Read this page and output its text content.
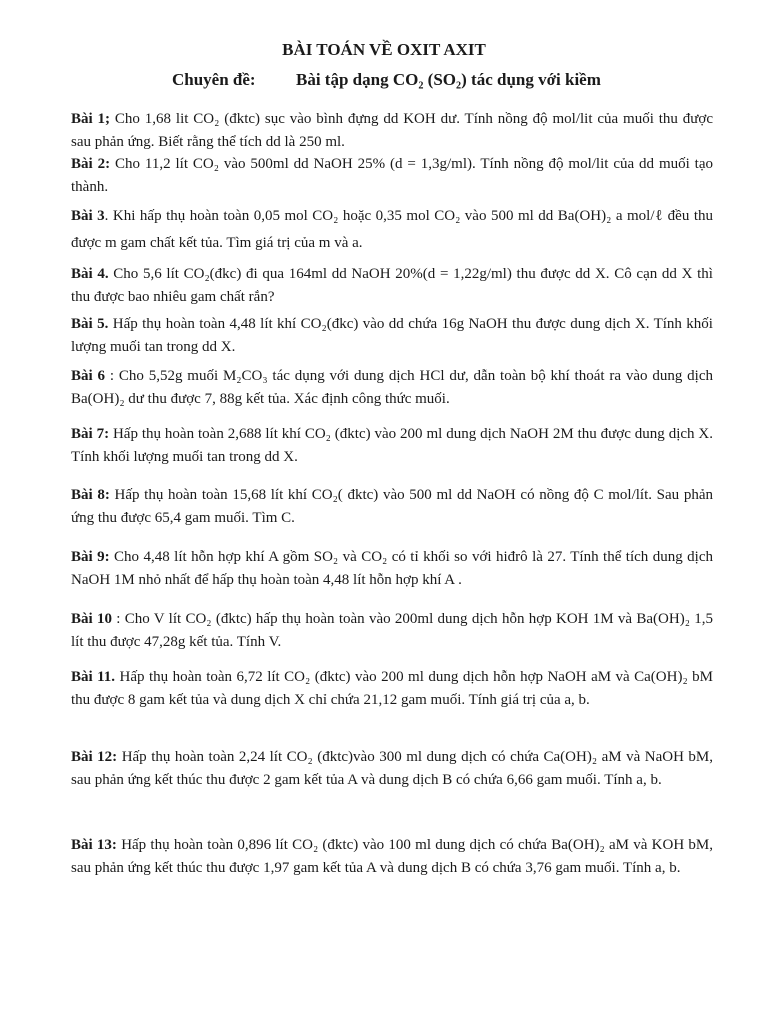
BÀI TOÁN VỀ OXIT AXIT
Chuyên đề: Bài tập dạng CO₂ (SO₂) tác dụng với kiềm

Bài 1; Cho 1,68 lit CO₂ (đktc) sục vào bình đựng dd KOH dư. Tính nồng độ mol/lit của muối thu được sau phản ứng. Biết rằng thể tích dd là 250 ml.

Bài 2: Cho 11,2 lít CO₂ vào 500ml dd NaOH 25% (d = 1,3g/ml). Tính nồng độ mol/lit của dd muối tạo thành.

Bài 3. Khi hấp thụ hoàn toàn 0,05 mol CO₂ hoặc 0,35 mol CO₂ vào 500 ml dd Ba(OH)₂ a mol/ℓ đều thu được m gam chất kết tủa. Tìm giá trị của m và a.

Bài 4. Cho 5,6 lít CO₂(đkc) đi qua 164ml dd NaOH 20%(d = 1,22g/ml) thu được dd X. Cô cạn dd X thì thu được bao nhiêu gam chất rắn?

Bài 5. Hấp thụ hoàn toàn 4,48 lít khí CO₂(đkc) vào dd chứa 16g NaOH thu được dung dịch X. Tính khối lượng muối tan trong dd X.

Bài 6 : Cho 5,52g muối M₂CO₃ tác dụng với dung dịch HCl dư, dẫn toàn bộ khí thoát ra vào dung dịch Ba(OH)₂ dư thu được 7, 88g kết tủa. Xác định công thức muối.

Bài 7: Hấp thụ hoàn toàn 2,688 lít khí CO₂ (đktc) vào 200 ml dung dịch NaOH 2M thu được dung dịch X. Tính khối lượng muối tan trong dd X.

Bài 8: Hấp thụ hoàn toàn 15,68 lít khí CO₂( đktc) vào 500 ml dd NaOH có nồng độ C mol/lít. Sau phản ứng thu được 65,4 gam muối. Tìm C.

Bài 9: Cho 4,48 lít hỗn hợp khí A gồm SO₂ và CO₂ có tỉ khối so với hiđrô là 27. Tính thể tích dung dịch NaOH 1M nhỏ nhất để hấp thụ hoàn toàn 4,48 lít hỗn hợp khí A .

Bài 10 : Cho V lít CO₂ (đktc) hấp thụ hoàn toàn vào 200ml dung dịch hỗn hợp KOH 1M và Ba(OH)₂ 1,5 lít thu được 47,28g kết tủa. Tính V.

Bài 11. Hấp thụ hoàn toàn 6,72 lít CO₂ (đktc) vào 200 ml dung dịch hỗn hợp NaOH aM và Ca(OH)₂ bM thu được 8 gam kết tủa và dung dịch X chỉ chứa 21,12 gam muối. Tính giá trị của a, b.

Bài 12: Hấp thụ hoàn toàn 2,24 lít CO₂ (đktc)vào 300 ml dung dịch có chứa Ca(OH)₂ aM và NaOH bM, sau phản ứng kết thúc thu được 2 gam kết tủa A và dung dịch B có chứa 6,66 gam muối. Tính a, b.

Bài 13: Hấp thụ hoàn toàn 0,896 lít CO₂ (đktc) vào 100 ml dung dịch có chứa Ba(OH)₂ aM và KOH bM, sau phản ứng kết thúc thu được 1,97 gam kết tủa A và dung dịch B có chứa 3,76 gam muối. Tính a, b.
